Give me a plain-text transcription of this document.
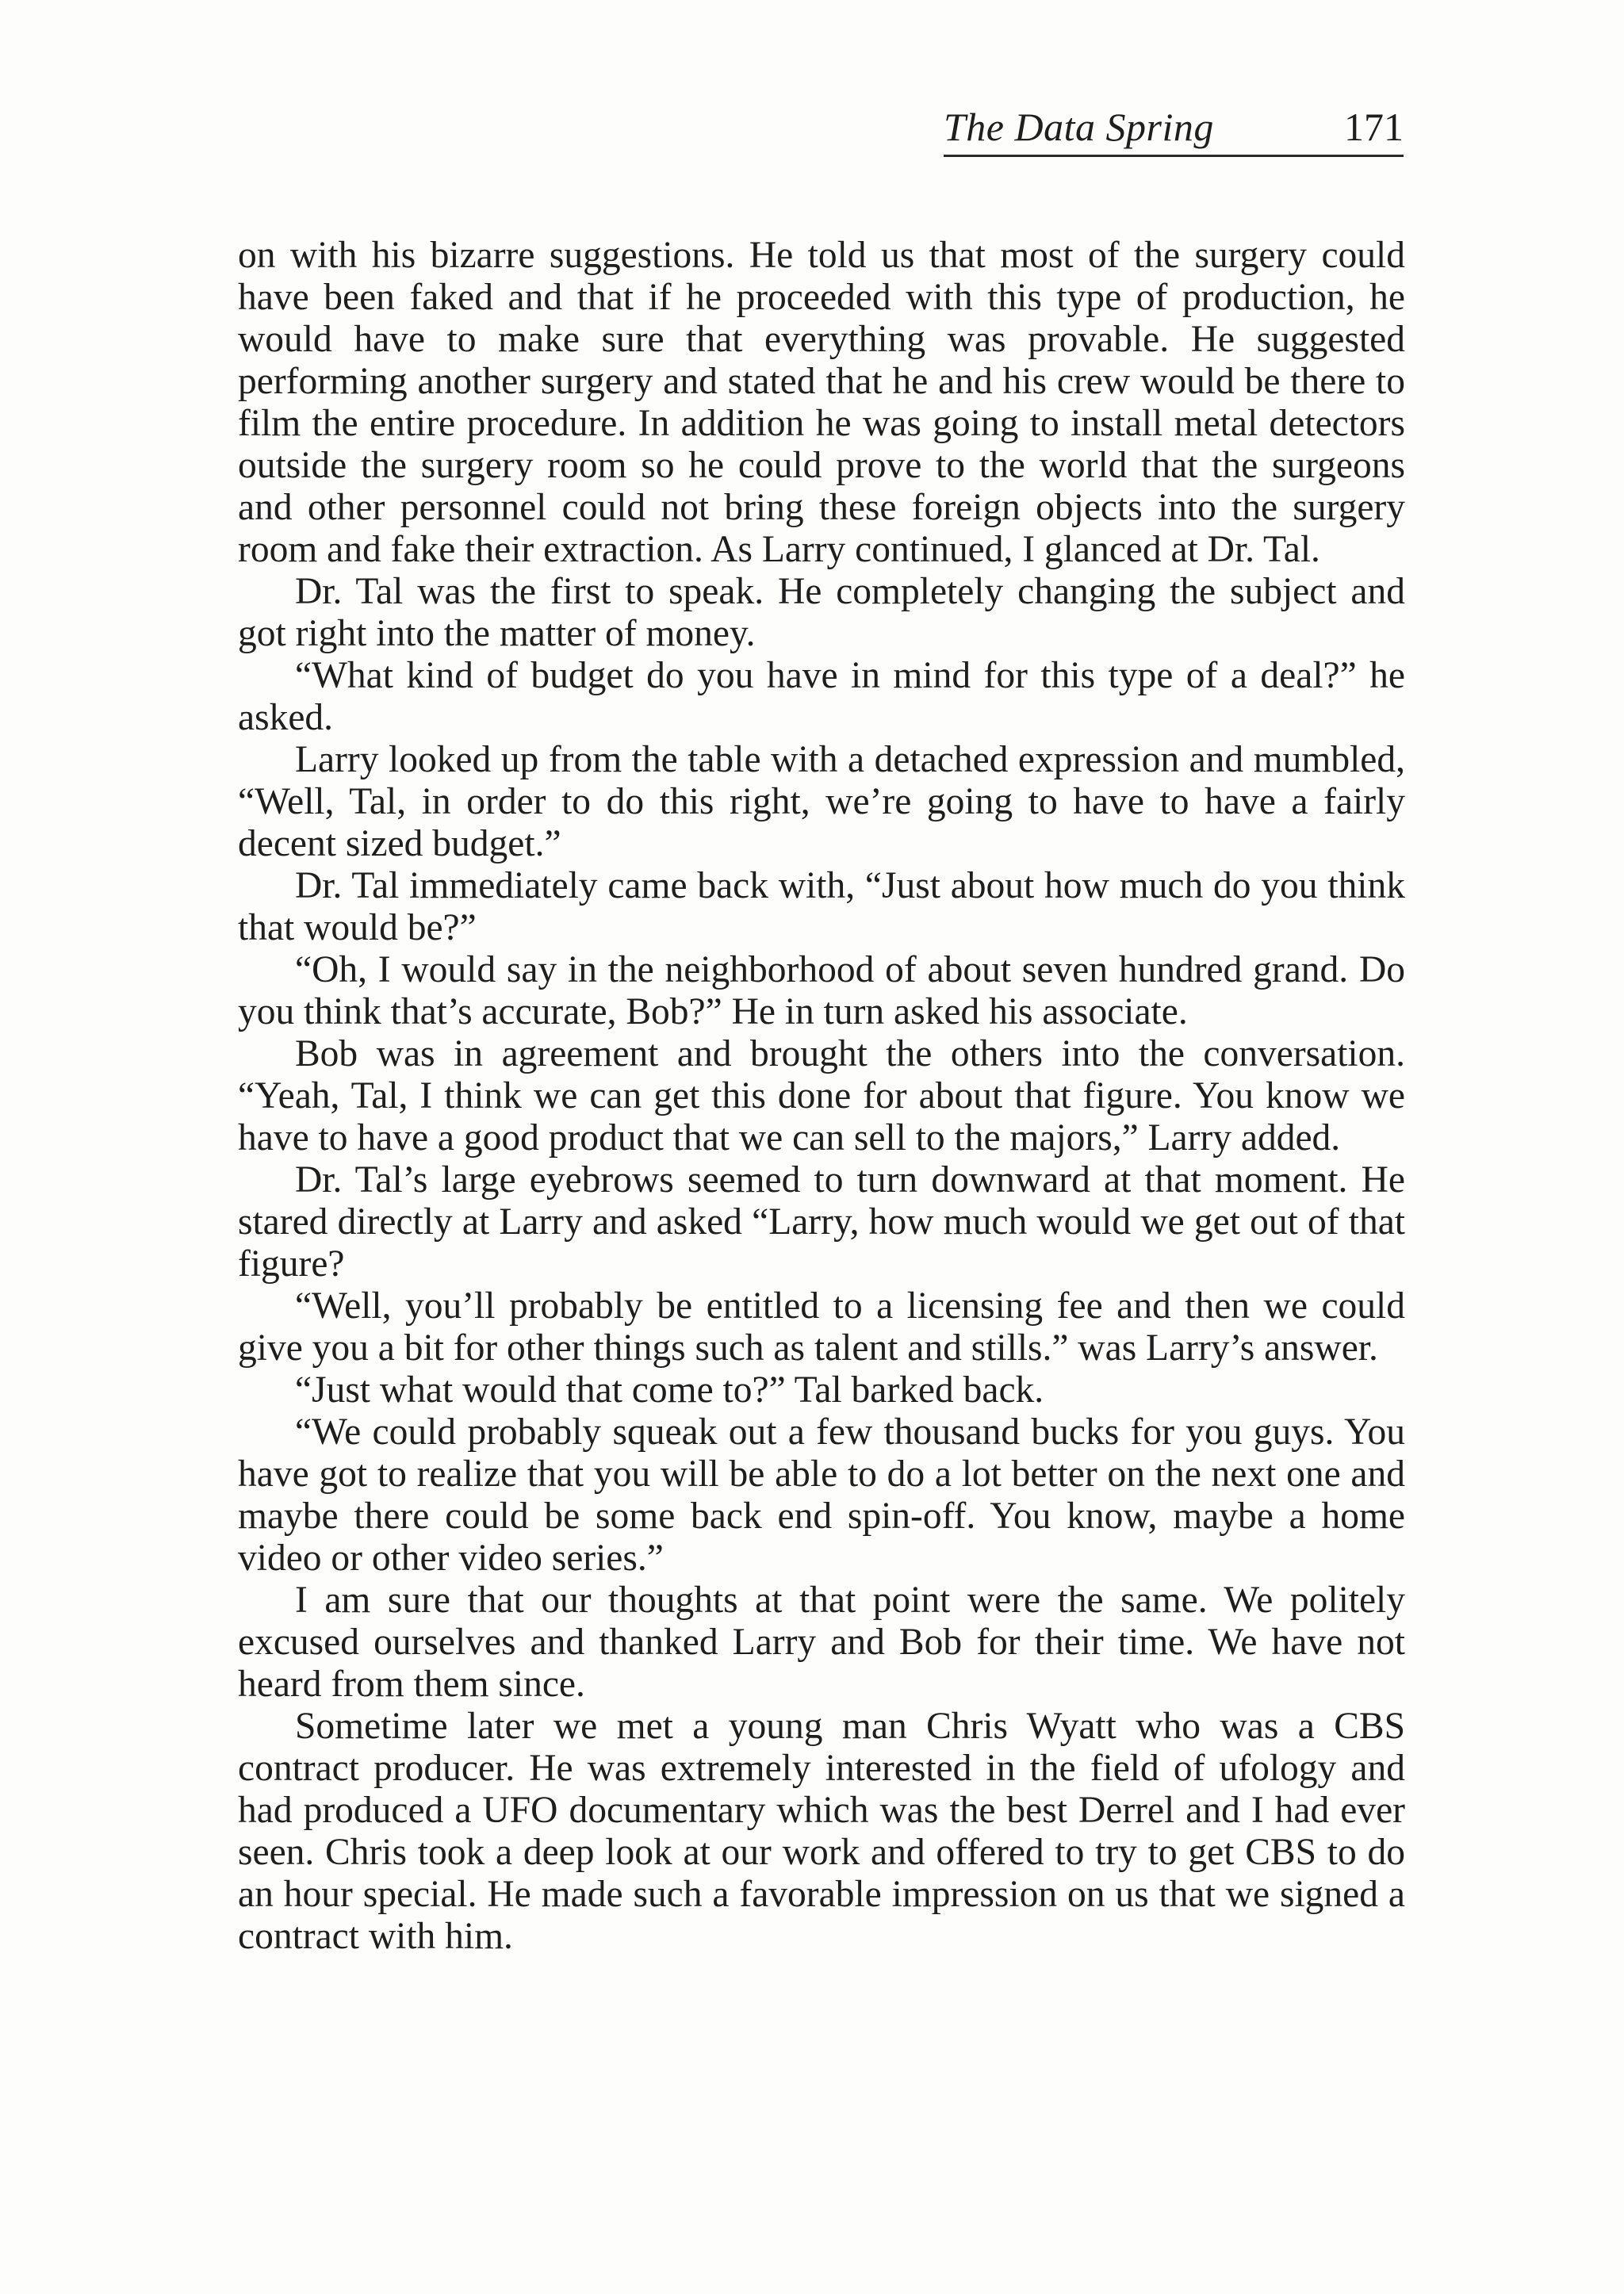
The Data Spring	171

on with his bizarre suggestions. He told us that most of the surgery could have been faked and that if he proceeded with this type of production, he would have to make sure that everything was provable. He suggested performing another surgery and stated that he and his crew would be there to film the entire procedure. In addition he was going to install metal detectors outside the surgery room so he could prove to the world that the surgeons and other personnel could not bring these foreign objects into the surgery room and fake their extraction. As Larry continued, I glanced at Dr. Tal.

Dr. Tal was the first to speak. He completely changing the subject and got right into the matter of money.

“What kind of budget do you have in mind for this type of a deal?” he asked.

Larry looked up from the table with a detached expression and mumbled, “Well, Tal, in order to do this right, we’re going to have to have a fairly decent sized budget.”

Dr. Tal immediately came back with, “Just about how much do you think that would be?”

“Oh, I would say in the neighborhood of about seven hundred grand. Do you think that’s accurate, Bob?” He in turn asked his associate.

Bob was in agreement and brought the others into the conversation. “Yeah, Tal, I think we can get this done for about that figure. You know we have to have a good product that we can sell to the majors,” Larry added.

Dr. Tal’s large eyebrows seemed to turn downward at that moment. He stared directly at Larry and asked “Larry, how much would we get out of that figure?

“Well, you’ll probably be entitled to a licensing fee and then we could give you a bit for other things such as talent and stills.” was Larry’s answer.

“Just what would that come to?” Tal barked back.

“We could probably squeak out a few thousand bucks for you guys. You have got to realize that you will be able to do a lot better on the next one and maybe there could be some back end spin-off. You know, maybe a home video or other video series.”

I am sure that our thoughts at that point were the same. We politely excused ourselves and thanked Larry and Bob for their time. We have not heard from them since.

Sometime later we met a young man Chris Wyatt who was a CBS contract producer. He was extremely interested in the field of ufology and had produced a UFO documentary which was the best Derrel and I had ever seen. Chris took a deep look at our work and offered to try to get CBS to do an hour special. He made such a favorable impression on us that we signed a contract with him.
